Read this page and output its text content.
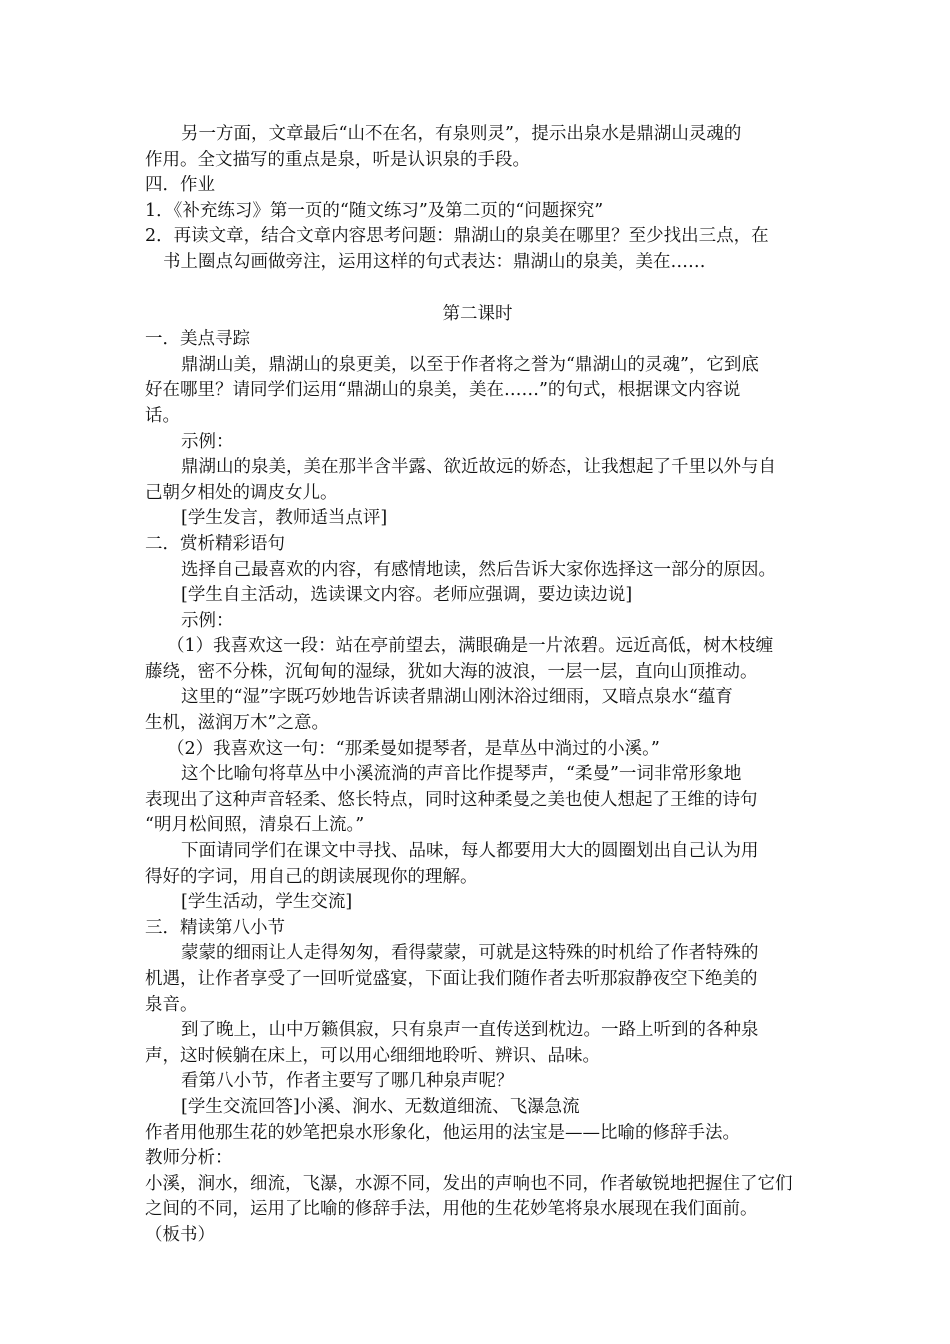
另一方面，文章最后“山不在名，有泉则灵”，提示出泉水是鼎湖山灵魂的
作用。全文描写的重点是泉，听是认识泉的手段。
四．作业
1．《补充练习》第一页的“随文练习”及第二页的“问题探究”
2．再读文章，结合文章内容思考问题：鼎湖山的泉美在哪里？至少找出三点，在
书上圈点勾画做旁注，运用这样的句式表达：鼎湖山的泉美，美在……
第二课时
一．美点寻踪
鼎湖山美，鼎湖山的泉更美，以至于作者将之誉为“鼎湖山的灵魂”，它到底
好在哪里？请同学们运用“鼎湖山的泉美，美在……”的句式，根据课文内容说
话。
示例：
鼎湖山的泉美，美在那半含半露、欲近故远的娇态，让我想起了千里以外与自
己朝夕相处的调皮女儿。
[学生发言，教师适当点评]
二．赏析精彩语句
选择自己最喜欢的内容，有感情地读，然后告诉大家你选择这一部分的原因。
[学生自主活动，选读课文内容。老师应强调，要边读边说]
示例：
（1）我喜欢这一段：站在亭前望去，满眼确是一片浓碧。远近高低，树木枝缠
藤绕，密不分株，沉甸甸的湿绿，犹如大海的波浪，一层一层，直向山顶推动。
这里的“湿”字既巧妙地告诉读者鼎湖山刚沐浴过细雨，又暗点泉水“蕴育
生机，滋润万木”之意。
（2）我喜欢这一句：“那柔曼如提琴者，是草丛中淌过的小溪。”
这个比喻句将草丛中小溪流淌的声音比作提琴声，“柔曼”一词非常形象地
表现出了这种声音轻柔、悠长特点，同时这种柔曼之美也使人想起了王维的诗句
“明月松间照，清泉石上流。”
下面请同学们在课文中寻找、品味，每人都要用大大的圆圈划出自己认为用
得好的字词，用自己的朗读展现你的理解。
[学生活动，学生交流]
三．精读第八小节
蒙蒙的细雨让人走得匆匆，看得蒙蒙，可就是这特殊的时机给了作者特殊的
机遇，让作者享受了一回听觉盛宴，下面让我们随作者去听那寂静夜空下绝美的
泉音。
到了晚上，山中万籁俱寂，只有泉声一直传送到枕边。一路上听到的各种泉
声，这时候躺在床上，可以用心细细地聆听、辨识、品味。
看第八小节，作者主要写了哪几种泉声呢？
[学生交流回答]小溪、涧水、无数道细流、飞瀑急流
作者用他那生花的妙笔把泉水形象化，他运用的法宝是——比喻的修辞手法。
教师分析：
小溪，涧水，细流，飞瀑，水源不同，发出的声响也不同，作者敏锐地把握住了它们
之间的不同，运用了比喻的修辞手法，用他的生花妙笔将泉水展现在我们面前。
（板书）
